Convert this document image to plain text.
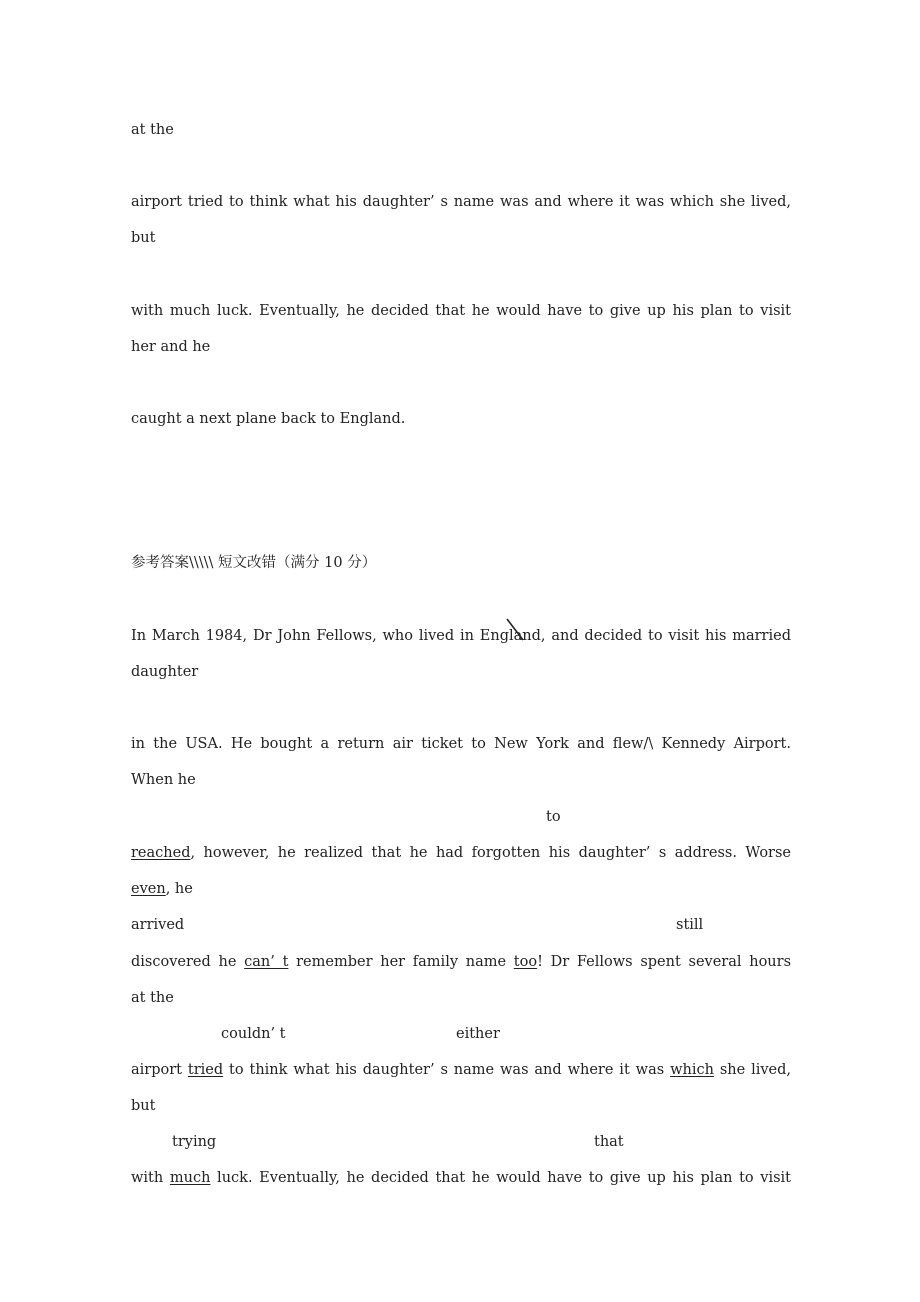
at the
airport tried to think what his daughter’ s name was and where it was which she lived,
but
with much luck. Eventually, he decided that he would have to give up his plan to visit
her and he
caught a next plane back to England.
参考答案\\\\\ 短文改错（满分 10 分）
In March 1984, Dr John Fellows, who lived in England, and decided to visit his married
daughter
in the USA. He bought a return air ticket to New York and flew/\ Kennedy Airport.
When he
to
reached, however, he realized that he had forgotten his daughter’ s address. Worse
even, he
arrived	still
discovered he can’ t remember her family name too! Dr Fellows spent several hours
at the
couldn’ t	either
airport tried to think what his daughter’ s name was and where it was which she lived,
but
trying	that
with much luck. Eventually, he decided that he would have to give up his plan to visit
